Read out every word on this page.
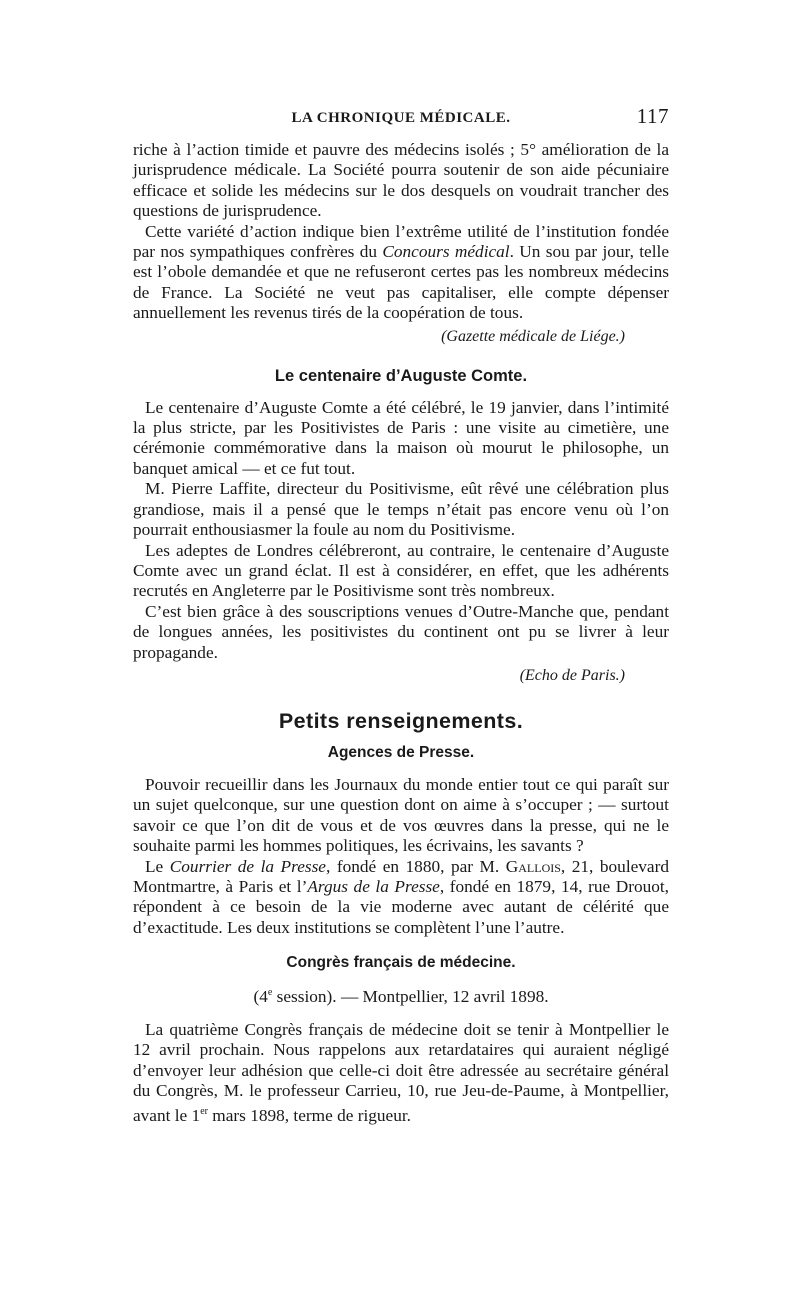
LA CHRONIQUE MÉDICALE.	117

riche à l’action timide et pauvre des médecins isolés ; 5° amélioration de la jurisprudence médicale. La Société pourra soutenir de son aide pécuniaire efficace et solide les médecins sur le dos desquels on voudrait trancher des questions de jurisprudence.

Cette variété d’action indique bien l’extrême utilité de l’institution fondée par nos sympathiques confrères du Concours médical. Un sou par jour, telle est l’obole demandée et que ne refuseront certes pas les nombreux médecins de France. La Société ne veut pas capitaliser, elle compte dépenser annuellement les revenus tirés de la coopération de tous.

(Gazette médicale de Liége.)
Le centenaire d’Auguste Comte.

Le centenaire d’Auguste Comte a été célébré, le 19 janvier, dans l’intimité la plus stricte, par les Positivistes de Paris : une visite au cimetière, une cérémonie commémorative dans la maison où mourut le philosophe, un banquet amical — et ce fut tout.

M. Pierre Laffite, directeur du Positivisme, eût rêvé une célébration plus grandiose, mais il a pensé que le temps n’était pas encore venu où l’on pourrait enthousiasmer la foule au nom du Positivisme.

Les adeptes de Londres célébreront, au contraire, le centenaire d’Auguste Comte avec un grand éclat. Il est à considérer, en effet, que les adhérents recrutés en Angleterre par le Positivisme sont très nombreux.

C’est bien grâce à des souscriptions venues d’Outre-Manche que, pendant de longues années, les positivistes du continent ont pu se livrer à leur propagande.

(Echo de Paris.)
Petits renseignements.
Agences de Presse.

Pouvoir recueillir dans les Journaux du monde entier tout ce qui paraît sur un sujet quelconque, sur une question dont on aime à s’occuper ; — surtout savoir ce que l’on dit de vous et de vos œuvres dans la presse, qui ne le souhaite parmi les hommes politiques, les écrivains, les savants ?

Le Courrier de la Presse, fondé en 1880, par M. Gallois, 21, boulevard Montmartre, à Paris et l’Argus de la Presse, fondé en 1879, 14, rue Drouot, répondent à ce besoin de la vie moderne avec autant de célérité que d’exactitude. Les deux institutions se complètent l’une l’autre.

Congrès français de médecine.
(4e session). — Montpellier, 12 avril 1898.

La quatrième Congrès français de médecine doit se tenir à Montpellier le 12 avril prochain. Nous rappelons aux retardataires qui auraient négligé d’envoyer leur adhésion que celle-ci doit être adressée au secrétaire général du Congrès, M. le professeur Carrieu, 10, rue Jeu-de-Paume, à Montpellier, avant le 1er mars 1898, terme de rigueur.
